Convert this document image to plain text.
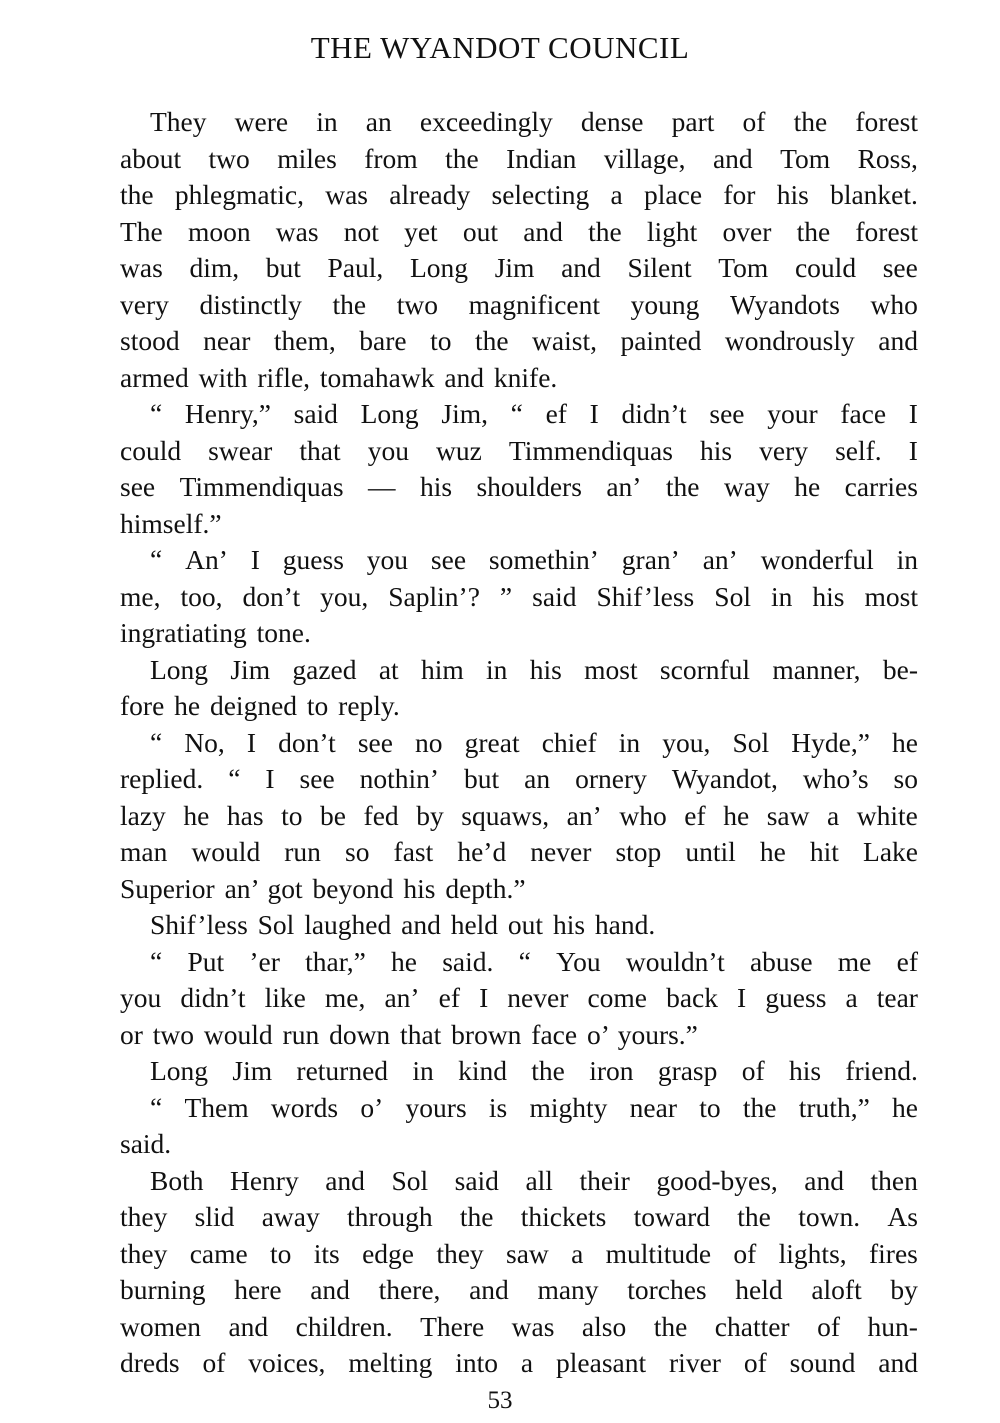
THE WYANDOT COUNCIL
They were in an exceedingly dense part of the forest
about two miles from the Indian village, and Tom Ross,
the phlegmatic, was already selecting a place for his blanket.
The moon was not yet out and the light over the forest
was dim, but Paul, Long Jim and Silent Tom could see
very distinctly the two magnificent young Wyandots who
stood near them, bare to the waist, painted wondrously and
armed with rifle, tomahawk and knife.
“ Henry,” said Long Jim, “ ef I didn’t see your face I
could swear that you wuz Timmendiquas his very self. I
see Timmendiquas — his shoulders an’ the way he carries
himself.”
“ An’ I guess you see somethin’ gran’ an’ wonderful in
me, too, don’t you, Saplin’? ” said Shif’less Sol in his most
ingratiating tone.
Long Jim gazed at him in his most scornful manner, be-
fore he deigned to reply.
“ No, I don’t see no great chief in you, Sol Hyde,” he
replied. “ I see nothin’ but an ornery Wyandot, who’s so
lazy he has to be fed by squaws, an’ who ef he saw a white
man would run so fast he’d never stop until he hit Lake
Superior an’ got beyond his depth.”
Shif’less Sol laughed and held out his hand.
“ Put ’er thar,” he said. “ You wouldn’t abuse me ef
you didn’t like me, an’ ef I never come back I guess a tear
or two would run down that brown face o’ yours.”
Long Jim returned in kind the iron grasp of his friend.
“ Them words o’ yours is mighty near to the truth,” he
said.
Both Henry and Sol said all their good-byes, and then
they slid away through the thickets toward the town. As
they came to its edge they saw a multitude of lights, fires
burning here and there, and many torches held aloft by
women and children. There was also the chatter of hun-
dreds of voices, melting into a pleasant river of sound and

53
